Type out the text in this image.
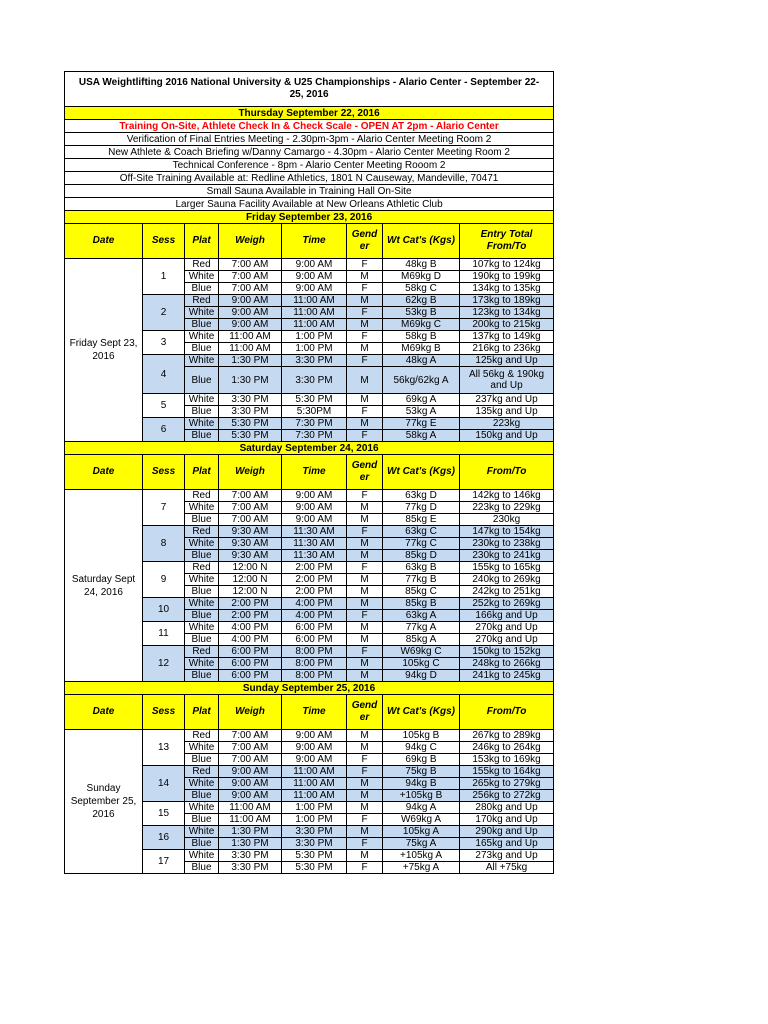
USA Weightlifting 2016 National University & U25 Championships - Alario Center - September 22-25, 2016							
Thursday September 22, 2016							
Training On-Site, Athlete Check In & Check Scale - OPEN AT 2pm - Alario Center							
Verification of Final Entries Meeting - 2.30pm-3pm - Alario Center Meeting Room 2							
New Athlete & Coach Briefing w/Danny Camargo - 4.30pm - Alario Center Meeting Room 2							
Technical Conference - 8pm - Alario Center Meeting Rooom 2							
Off-Site Training Available at: Redline Athletics, 1801 N Causeway, Mandeville, 70471							
Small Sauna Available in Training Hall On-Site							
Larger Sauna Facility Available at New Orleans Athletic Club							
Friday September 23, 2016							
Date	Sess	Plat	Weigh	Time	Gend er	Wt Cat's (Kgs)	Entry Total From/To
Friday Sept 23, 2016	1	Red	7:00 AM	9:00 AM	F	48kg B	107kg to 124kg
		White	7:00 AM	9:00 AM	M	M69kg D	190kg to 199kg
		Blue	7:00 AM	9:00 AM	F	58kg C	134kg to 135kg
	2	Red	9:00 AM	11:00 AM	M	62kg B	173kg to 189kg
		White	9:00 AM	11:00 AM	F	53kg B	123kg to 134kg
		Blue	9:00 AM	11:00 AM	M	M69kg C	200kg to 215kg
	3	White	11:00 AM	1:00 PM	F	58kg B	137kg to 149kg
		Blue	11:00 AM	1:00 PM	M	M69kg B	216kg to 236kg
	4	White	1:30 PM	3:30 PM	F	48kg A	125kg and Up
		Blue	1:30 PM	3:30 PM	M	56kg/62kg A	All 56kg & 190kg and Up
	5	White	3:30 PM	5:30 PM	M	69kg A	237kg and Up
		Blue	3:30 PM	5:30PM	F	53kg A	135kg and Up
	6	White	5:30 PM	7:30 PM	M	77kg E	223kg
		Blue	5:30 PM	7:30 PM	F	58kg A	150kg and Up
Saturday September 24, 2016							
Date	Sess	Plat	Weigh	Time	Gend er	Wt Cat's (Kgs)	From/To
Saturday Sept 24, 2016	7	Red	7:00 AM	9:00 AM	F	63kg D	142kg to 146kg
		White	7:00 AM	9:00 AM	M	77kg D	223kg to 229kg
		Blue	7:00 AM	9:00 AM	M	85kg E	230kg
	8	Red	9:30 AM	11:30 AM	F	63kg C	147kg to 154kg
		White	9:30 AM	11:30 AM	M	77kg C	230kg to 238kg
		Blue	9:30 AM	11:30 AM	M	85kg D	230kg to 241kg
	9	Red	12:00 N	2:00 PM	F	63kg B	155kg to 165kg
		White	12:00 N	2:00 PM	M	77kg B	240kg to 269kg
		Blue	12:00 N	2:00 PM	M	85kg C	242kg to 251kg
	10	White	2:00 PM	4:00 PM	M	85kg B	252kg to 269kg
		Blue	2:00 PM	4:00 PM	F	63kg A	166kg and Up
	11	White	4:00 PM	6:00 PM	M	77kg A	270kg and Up
		Blue	4:00 PM	6:00 PM	M	85kg A	270kg and Up
	12	Red	6:00 PM	8:00 PM	F	W69kg C	150kg to 152kg
		White	6:00 PM	8:00 PM	M	105kg C	248kg to 266kg
		Blue	6:00 PM	8:00 PM	M	94kg D	241kg to 245kg
Sunday September 25, 2016							
Date	Sess	Plat	Weigh	Time	Gend er	Wt Cat's (Kgs)	From/To
Sunday September 25, 2016	13	Red	7:00 AM	9:00 AM	M	105kg B	267kg to 289kg
		White	7:00 AM	9:00 AM	M	94kg C	246kg to 264kg
		Blue	7:00 AM	9:00 AM	F	69kg B	153kg to 169kg
	14	Red	9:00 AM	11:00 AM	F	75kg B	155kg to 164kg
		White	9:00 AM	11:00 AM	M	94kg B	265kg to 279kg
		Blue	9:00 AM	11:00 AM	M	+105kg B	256kg to 272kg
	15	White	11:00 AM	1:00 PM	M	94kg A	280kg and Up
		Blue	11:00 AM	1:00 PM	F	W69kg A	170kg and Up
	16	White	1:30 PM	3:30 PM	M	105kg A	290kg and Up
		Blue	1:30 PM	3:30 PM	F	75kg A	165kg and Up
	17	White	3:30 PM	5:30 PM	M	+105kg A	273kg and Up
		Blue	3:30 PM	5:30 PM	F	+75kg A	All +75kg
